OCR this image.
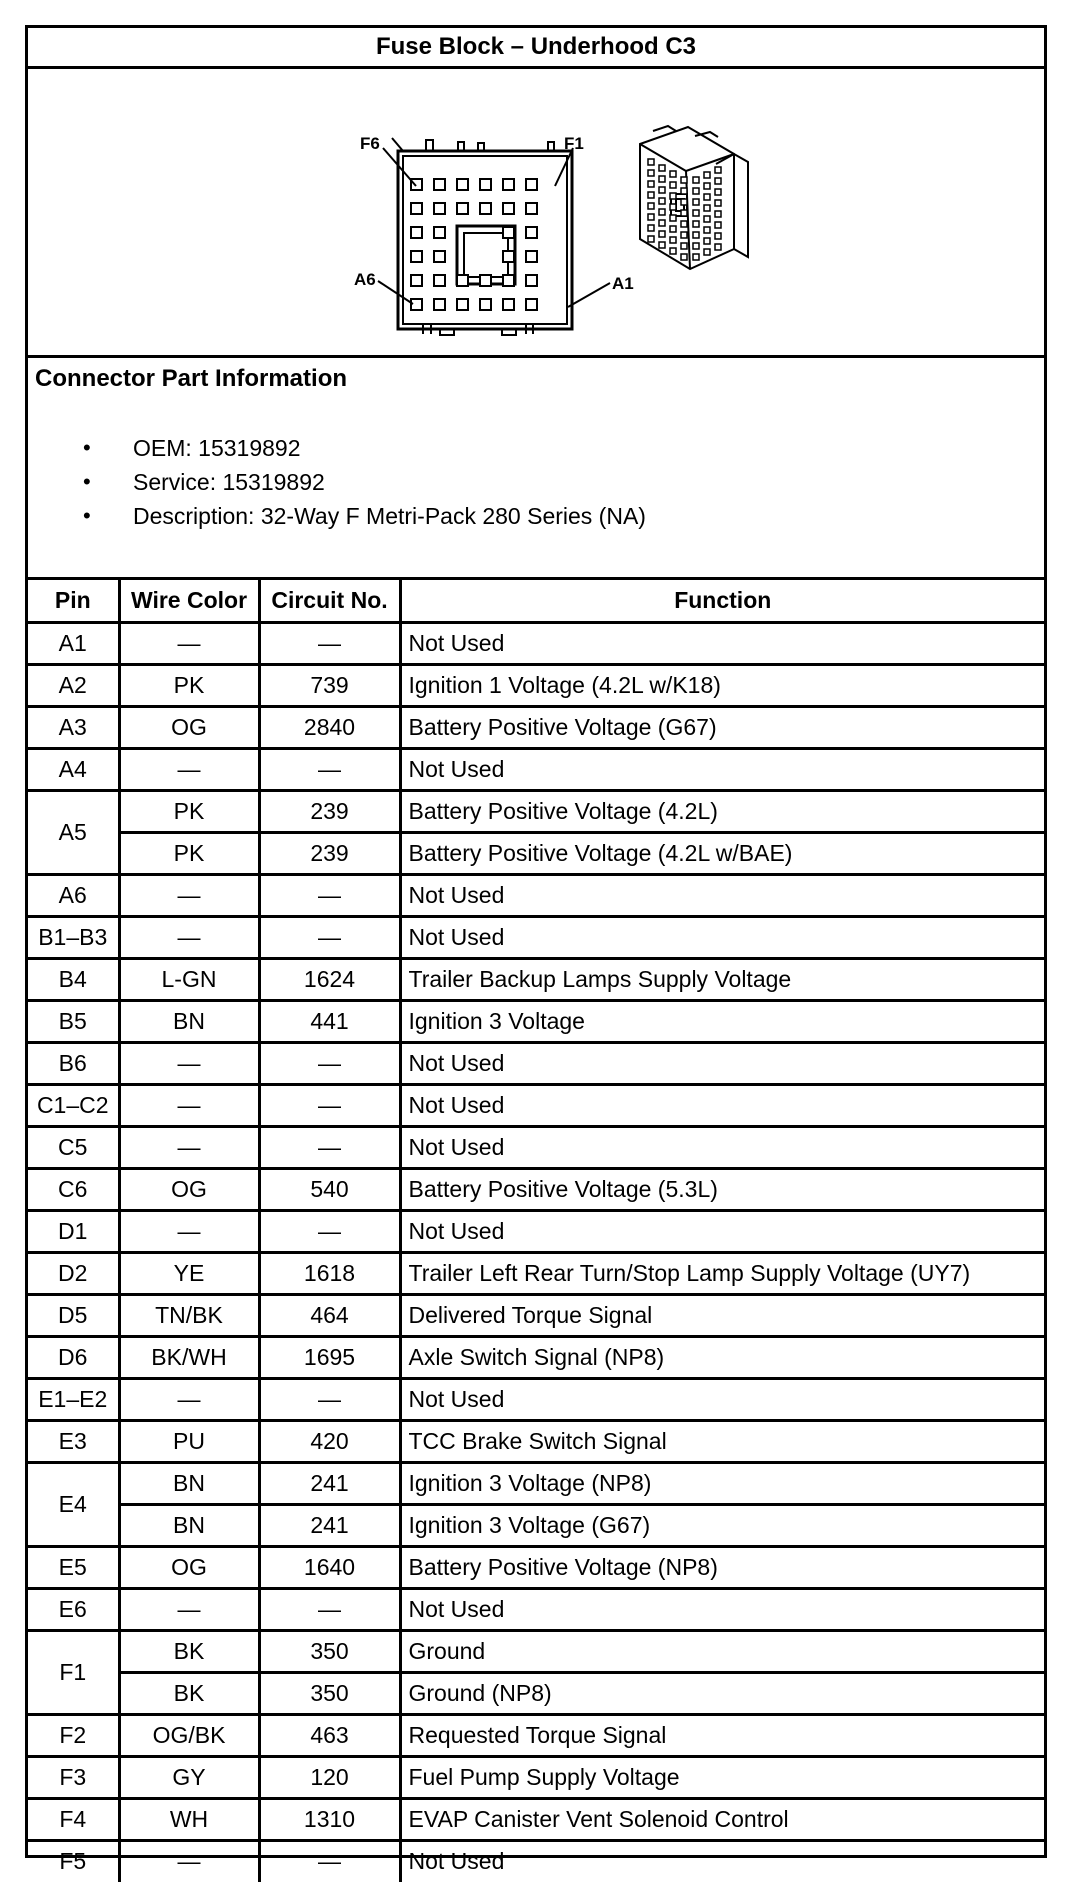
Fuse Block – Underhood C3
F6	F1
A6	A1
Connector Part Information
• OEM: 15319892
• Service: 15319892
• Description: 32-Way F Metri-Pack 280 Series (NA)
Pin	Wire Color	Circuit No.	Function
A1	—	—	Not Used
A2	PK	739	Ignition 1 Voltage (4.2L w/K18)
A3	OG	2840	Battery Positive Voltage (G67)
A4	—	—	Not Used
A5	PK	239	Battery Positive Voltage (4.2L)
	PK	239	Battery Positive Voltage (4.2L w/BAE)
A6	—	—	Not Used
B1–B3	—	—	Not Used
B4	L-GN	1624	Trailer Backup Lamps Supply Voltage
B5	BN	441	Ignition 3 Voltage
B6	—	—	Not Used
C1–C2	—	—	Not Used
C5	—	—	Not Used
C6	OG	540	Battery Positive Voltage (5.3L)
D1	—	—	Not Used
D2	YE	1618	Trailer Left Rear Turn/Stop Lamp Supply Voltage (UY7)
D5	TN/BK	464	Delivered Torque Signal
D6	BK/WH	1695	Axle Switch Signal (NP8)
E1–E2	—	—	Not Used
E3	PU	420	TCC Brake Switch Signal
E4	BN	241	Ignition 3 Voltage (NP8)
	BN	241	Ignition 3 Voltage (G67)
E5	OG	1640	Battery Positive Voltage (NP8)
E6	—	—	Not Used
F1	BK	350	Ground
	BK	350	Ground (NP8)
F2	OG/BK	463	Requested Torque Signal
F3	GY	120	Fuel Pump Supply Voltage
F4	WH	1310	EVAP Canister Vent Solenoid Control
F5	—	—	Not Used
